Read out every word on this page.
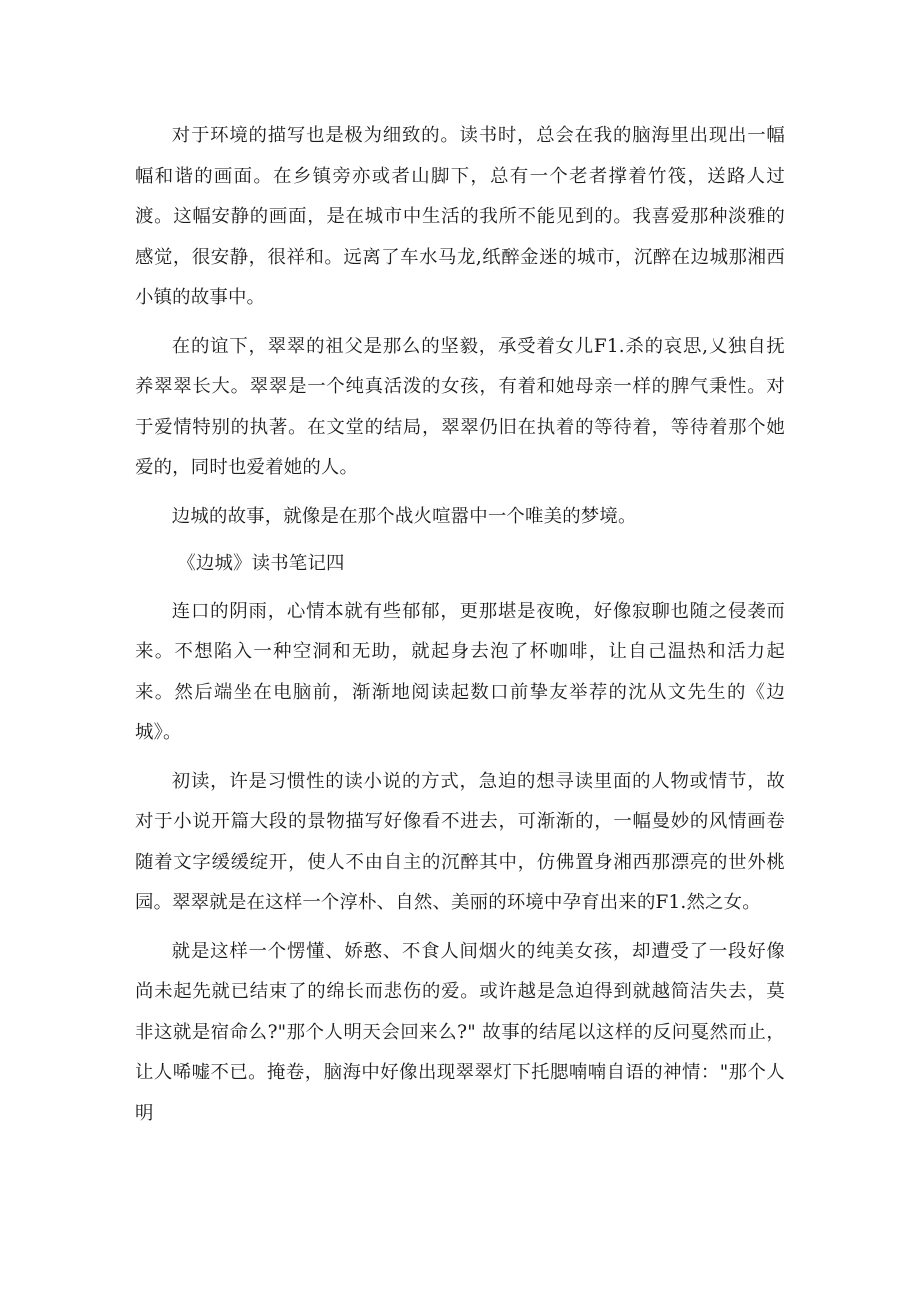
对于环境的描写也是极为细致的。读书时，总会在我的脑海里出现出一幅幅和谐的画面。在乡镇旁亦或者山脚下，总有一个老者撑着竹筏，送路人过渡。这幅安静的画面，是在城市中生活的我所不能见到的。我喜爱那种淡雅的感觉，很安静，很祥和。远离了车水马龙,纸醉金迷的城市，沉醉在边城那湘西小镇的故事中。

在的谊下，翠翠的祖父是那么的坚毅，承受着女儿F1.杀的哀思,乂独自抚养翠翠长大。翠翠是一个纯真活泼的女孩，有着和她母亲一样的脾气秉性。对于爱情特别的执著。在文堂的结局，翠翠仍旧在执着的等待着，等待着那个她爱的，同时也爱着她的人。

边城的故事，就像是在那个战火喧嚣中一个唯美的梦境。

《边城》读书笔记四

连口的阴雨，心情本就有些郁郁，更那堪是夜晚，好像寂聊也随之侵袭而来。不想陷入一种空洞和无助，就起身去泡了杯咖啡，让自己温热和活力起来。然后端坐在电脑前，渐渐地阅读起数口前挚友举荐的沈从文先生的《边城》。

初读，许是习惯性的读小说的方式，急迫的想寻读里面的人物或情节，故对于小说开篇大段的景物描写好像看不进去，可渐渐的，一幅曼妙的风情画卷随着文字缓缓绽开，使人不由自主的沉醉其中，仿佛置身湘西那漂亮的世外桃园。翠翠就是在这样一个淳朴、自然、美丽的环境中孕育出来的F1.然之女。

就是这样一个愣懂、娇憨、不食人间烟火的纯美女孩，却遭受了一段好像尚未起先就已结束了的绵长而悲伤的爱。或许越是急迫得到就越简洁失去，莫非这就是宿命么?"那个人明天会回来么?" 故事的结尾以这样的反问戛然而止，让人唏嘘不已。掩卷，脑海中好像出现翠翠灯下托腮喃喃自语的神情："那个人明
